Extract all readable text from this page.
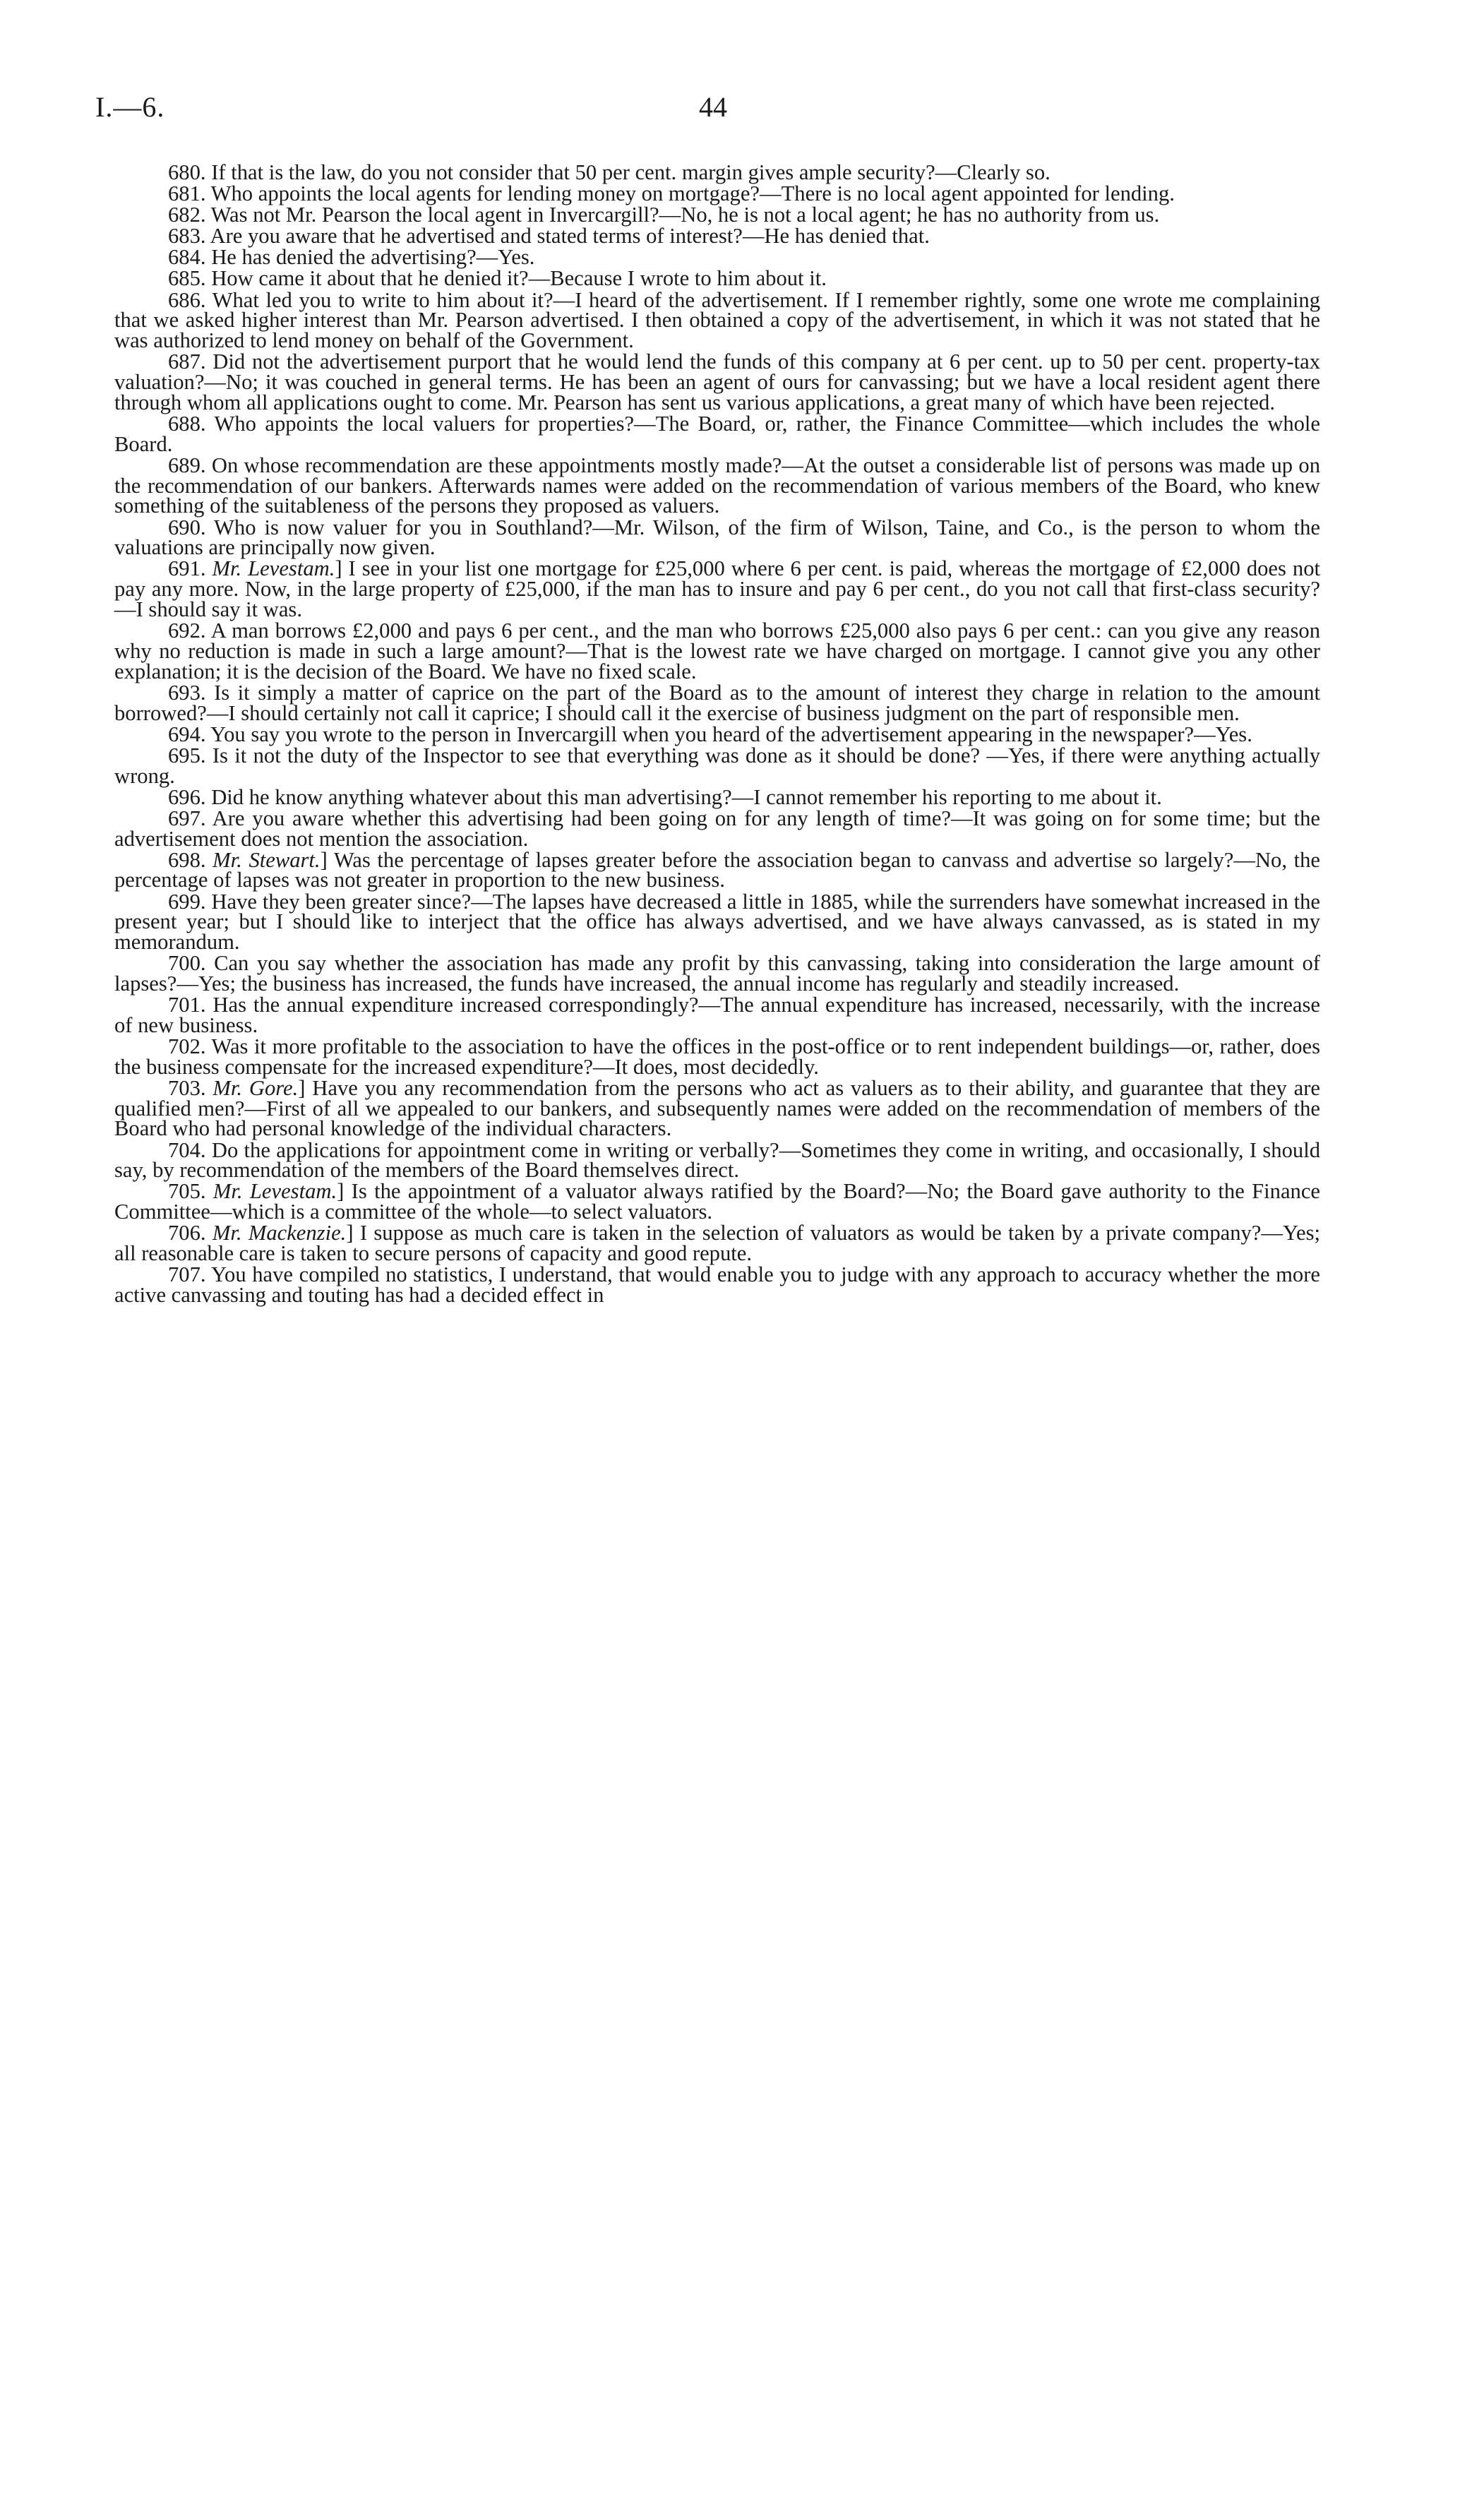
I.—6.	44

680. If that is the law, do you not consider that 50 per cent. margin gives ample security?—Clearly so.

681. Who appoints the local agents for lending money on mortgage?—There is no local agent appointed for lending.

682. Was not Mr. Pearson the local agent in Invercargill?—No, he is not a local agent; he has no authority from us.

683. Are you aware that he advertised and stated terms of interest?—He has denied that.

684. He has denied the advertising?—Yes.

685. How came it about that he denied it?—Because I wrote to him about it.

686. What led you to write to him about it?—I heard of the advertisement. If I remember rightly, some one wrote me complaining that we asked higher interest than Mr. Pearson advertised. I then obtained a copy of the advertisement, in which it was not stated that he was authorized to lend money on behalf of the Government.

687. Did not the advertisement purport that he would lend the funds of this company at 6 per cent. up to 50 per cent. property-tax valuation?—No; it was couched in general terms. He has been an agent of ours for canvassing; but we have a local resident agent there through whom all applications ought to come. Mr. Pearson has sent us various applications, a great many of which have been rejected.

688. Who appoints the local valuers for properties?—The Board, or, rather, the Finance Committee—which includes the whole Board.

689. On whose recommendation are these appointments mostly made?—At the outset a considerable list of persons was made up on the recommendation of our bankers. Afterwards names were added on the recommendation of various members of the Board, who knew something of the suitableness of the persons they proposed as valuers.

690. Who is now valuer for you in Southland?—Mr. Wilson, of the firm of Wilson, Taine, and Co., is the person to whom the valuations are principally now given.

691. Mr. Levestam.] I see in your list one mortgage for £25,000 where 6 per cent. is paid, whereas the mortgage of £2,000 does not pay any more. Now, in the large property of £25,000, if the man has to insure and pay 6 per cent., do you not call that first-class security?—I should say it was.

692. A man borrows £2,000 and pays 6 per cent., and the man who borrows £25,000 also pays 6 per cent.: can you give any reason why no reduction is made in such a large amount?—That is the lowest rate we have charged on mortgage. I cannot give you any other explanation; it is the decision of the Board. We have no fixed scale.

693. Is it simply a matter of caprice on the part of the Board as to the amount of interest they charge in relation to the amount borrowed?—I should certainly not call it caprice; I should call it the exercise of business judgment on the part of responsible men.

694. You say you wrote to the person in Invercargill when you heard of the advertisement appearing in the newspaper?—Yes.

695. Is it not the duty of the Inspector to see that everything was done as it should be done? —Yes, if there were anything actually wrong.

696. Did he know anything whatever about this man advertising?—I cannot remember his reporting to me about it.

697. Are you aware whether this advertising had been going on for any length of time?—It was going on for some time; but the advertisement does not mention the association.

698. Mr. Stewart.] Was the percentage of lapses greater before the association began to canvass and advertise so largely?—No, the percentage of lapses was not greater in proportion to the new business.

699. Have they been greater since?—The lapses have decreased a little in 1885, while the surrenders have somewhat increased in the present year; but I should like to interject that the office has always advertised, and we have always canvassed, as is stated in my memorandum.

700. Can you say whether the association has made any profit by this canvassing, taking into consideration the large amount of lapses?—Yes; the business has increased, the funds have increased, the annual income has regularly and steadily increased.

701. Has the annual expenditure increased correspondingly?—The annual expenditure has increased, necessarily, with the increase of new business.

702. Was it more profitable to the association to have the offices in the post-office or to rent independent buildings—or, rather, does the business compensate for the increased expenditure?—It does, most decidedly.

703. Mr. Gore.] Have you any recommendation from the persons who act as valuers as to their ability, and guarantee that they are qualified men?—First of all we appealed to our bankers, and subsequently names were added on the recommendation of members of the Board who had personal knowledge of the individual characters.

704. Do the applications for appointment come in writing or verbally?—Sometimes they come in writing, and occasionally, I should say, by recommendation of the members of the Board themselves direct.

705. Mr. Levestam.] Is the appointment of a valuator always ratified by the Board?—No; the Board gave authority to the Finance Committee—which is a committee of the whole—to select valuators.

706. Mr. Mackenzie.] I suppose as much care is taken in the selection of valuators as would be taken by a private company?—Yes; all reasonable care is taken to secure persons of capacity and good repute.

707. You have compiled no statistics, I understand, that would enable you to judge with any approach to accuracy whether the more active canvassing and touting has had a decided effect in
